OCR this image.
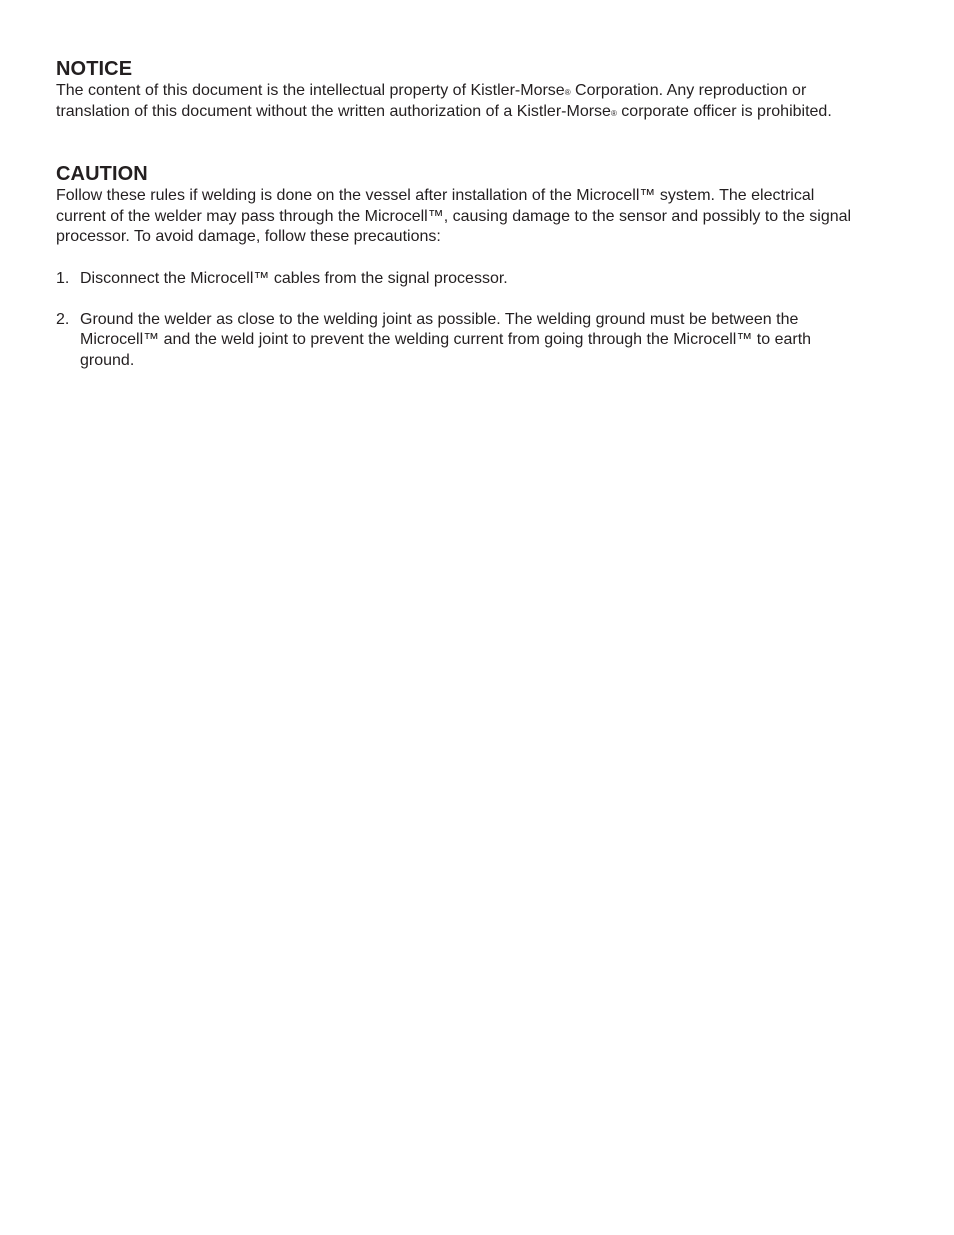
NOTICE

The content of this document is the intellectual property of Kistler-Morse® Corporation. Any reproduction or translation of this document without the written authorization of a Kistler-Morse® corporate officer is prohibited.

CAUTION

Follow these rules if welding is done on the vessel after installation of the Microcell™ system. The electrical current of the welder may pass through the Microcell™, causing damage to the sensor and possibly to the signal processor. To avoid damage, follow these precautions:

1. Disconnect the Microcell™ cables from the signal processor.
2. Ground the welder as close to the welding joint as possible. The welding ground must be between the Microcell™ and the weld joint to prevent the welding current from going through the Microcell™ to earth ground.
